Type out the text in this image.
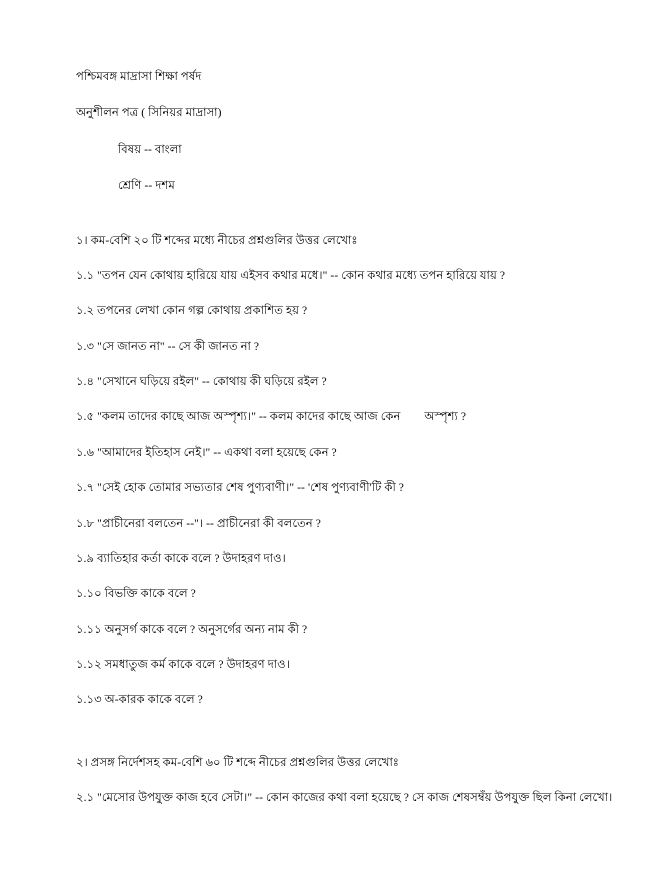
পশ্চিমবঙ্গ মাদ্রাসা শিক্ষা পর্ষদ

অনুশীলন পত্র ( সিনিয়র মাদ্রাসা)

বিষয় -- বাংলা

শ্রেণি -- দশম

১। কম-বেশি ২০ টি শব্দের মধ্যে নীচের প্রশ্নগুলির উত্তর লেখোঃ

১.১ "তপন যেন কোথায় হারিয়ে যায় এইসব কথার মধে।" -- কোন কথার মধ্যে তপন হারিয়ে যায় ?

১.২ তপনের লেখা কোন গল্প কোথায় প্রকাশিত হয় ?

১.৩ "সে জানত না" -- সে কী জানত না ?

১.৪ "সেখানে ঘড়িয়ে রইল" -- কোথায় কী ঘড়িয়ে রইল ?

১.৫ "কলম তাদের কাছে আজ অস্পৃশ্য।" -- কলম কাদের কাছে আজ কেন        অস্পৃশ্য ?

১.৬ "আমাদের ইতিহাস নেই।" -- একথা বলা হয়েছে কেন ?

১.৭ "সেই হোক তোমার সভ্যতার শেষ পুণ্যবাণী।" -- 'শেষ পুণ্যবাণী'টি কী ?

১.৮ "প্রাচীনেরা বলতেন --"। -- প্রাচীনেরা কী বলতেন ?

১.৯ ব্যাতিহার কর্তা কাকে বলে ? উদাহরণ দাও।

১.১০ বিভক্তি কাকে বলে ?

১.১১ অনুসর্গ কাকে বলে ? অনুসর্গের অন্য নাম কী ?

১.১২ সমধাতুজ কর্ম কাকে বলে ? উদাহরণ দাও।

১.১৩ অ-কারক কাকে বলে ?

২। প্রসঙ্গ নির্দেশসহ কম-বেশি ৬০ টি শব্দে নীচের প্রশ্নগুলির উত্তর লেখোঃ

২.১ "মেসোর উপযুক্ত কাজ হবে সেটা।" -- কোন কাজের কথা বলা হয়েছে ? সে কাজ শেষসম্বঁয় উপযুক্ত ছিল কিনা লেখো।
